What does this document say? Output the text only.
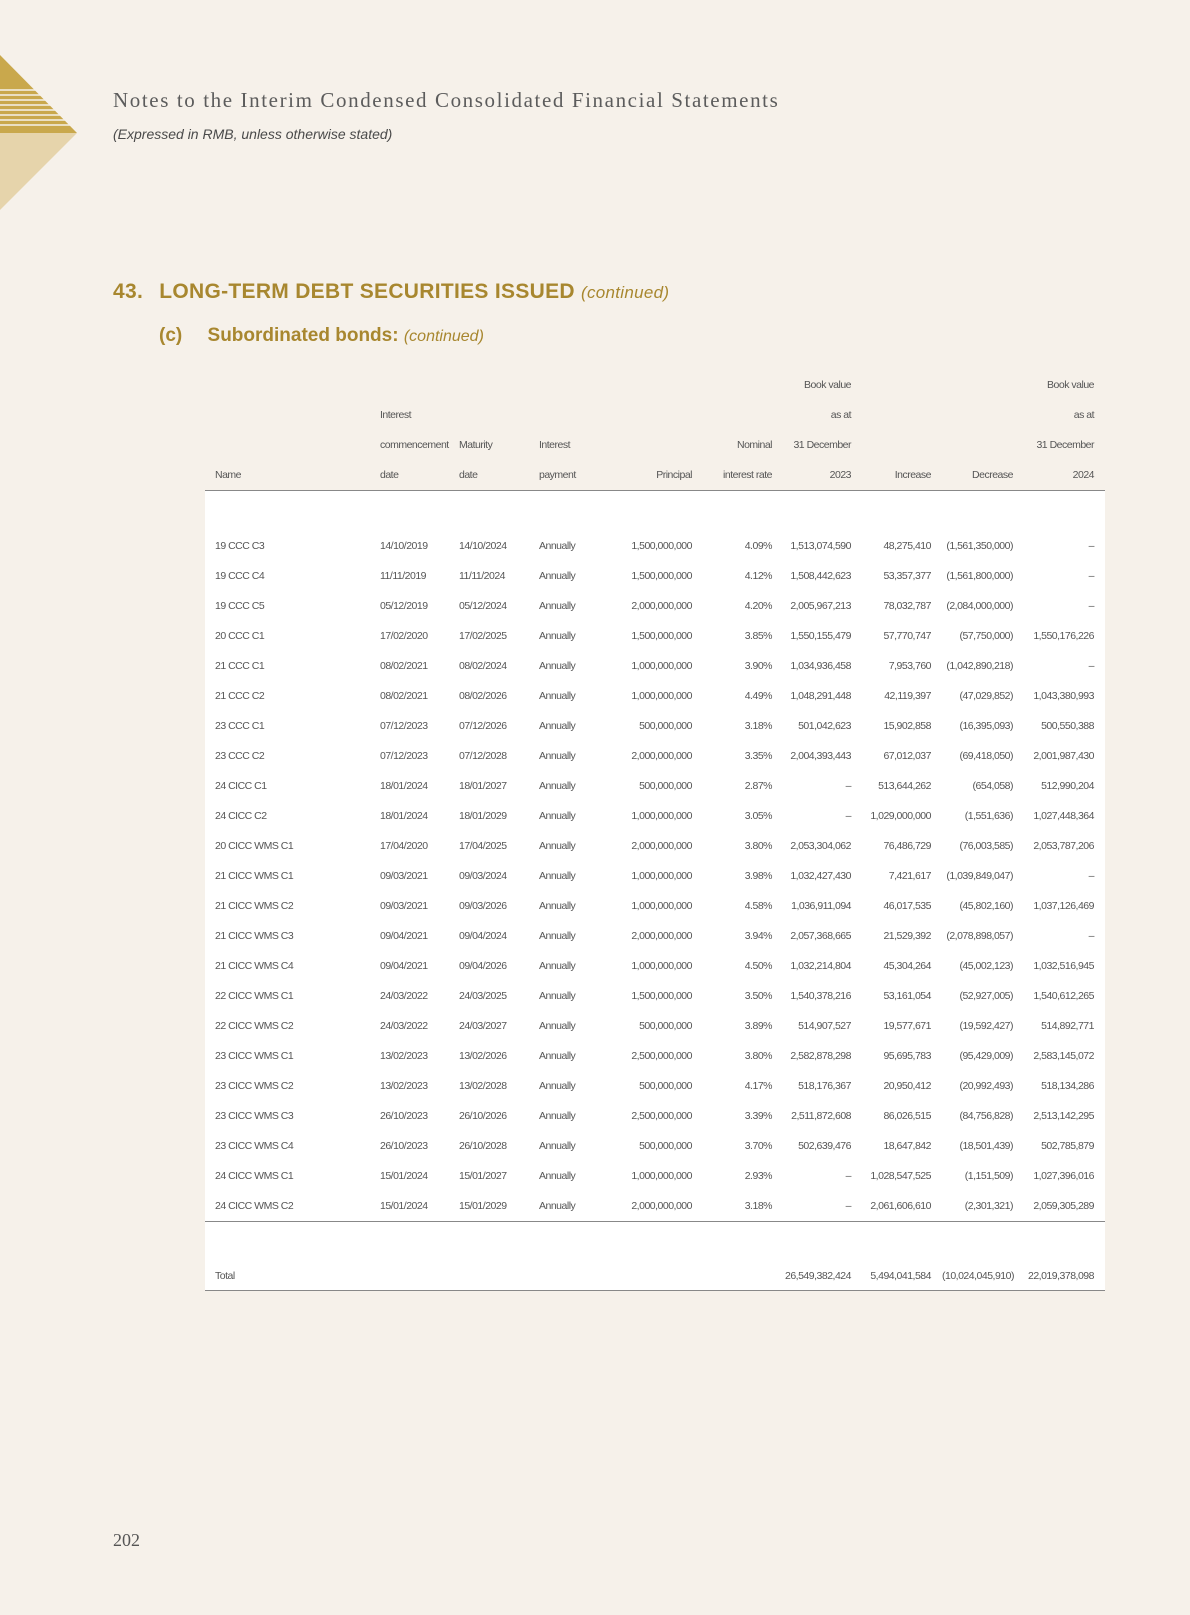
Notes to the Interim Condensed Consolidated Financial Statements
(Expressed in RMB, unless otherwise stated)
43. LONG-TERM DEBT SECURITIES ISSUED (continued)
(c) Subordinated bonds: (continued)
						Book value			Book value
	Interest					as at			as at
	commencement	Maturity	Interest		Nominal	31 December			31 December
Name	date	date	payment	Principal	interest rate	2023	Increase	Decrease	2024

19 CCC C3	14/10/2019	14/10/2024	Annually	1,500,000,000	4.09%	1,513,074,590	48,275,410	(1,561,350,000)	–
19 CCC C4	11/11/2019	11/11/2024	Annually	1,500,000,000	4.12%	1,508,442,623	53,357,377	(1,561,800,000)	–
19 CCC C5	05/12/2019	05/12/2024	Annually	2,000,000,000	4.20%	2,005,967,213	78,032,787	(2,084,000,000)	–
20 CCC C1	17/02/2020	17/02/2025	Annually	1,500,000,000	3.85%	1,550,155,479	57,770,747	(57,750,000)	1,550,176,226
21 CCC C1	08/02/2021	08/02/2024	Annually	1,000,000,000	3.90%	1,034,936,458	7,953,760	(1,042,890,218)	–
21 CCC C2	08/02/2021	08/02/2026	Annually	1,000,000,000	4.49%	1,048,291,448	42,119,397	(47,029,852)	1,043,380,993
23 CCC C1	07/12/2023	07/12/2026	Annually	500,000,000	3.18%	501,042,623	15,902,858	(16,395,093)	500,550,388
23 CCC C2	07/12/2023	07/12/2028	Annually	2,000,000,000	3.35%	2,004,393,443	67,012,037	(69,418,050)	2,001,987,430
24 CICC C1	18/01/2024	18/01/2027	Annually	500,000,000	2.87%	–	513,644,262	(654,058)	512,990,204
24 CICC C2	18/01/2024	18/01/2029	Annually	1,000,000,000	3.05%	–	1,029,000,000	(1,551,636)	1,027,448,364
20 CICC WMS C1	17/04/2020	17/04/2025	Annually	2,000,000,000	3.80%	2,053,304,062	76,486,729	(76,003,585)	2,053,787,206
21 CICC WMS C1	09/03/2021	09/03/2024	Annually	1,000,000,000	3.98%	1,032,427,430	7,421,617	(1,039,849,047)	–
21 CICC WMS C2	09/03/2021	09/03/2026	Annually	1,000,000,000	4.58%	1,036,911,094	46,017,535	(45,802,160)	1,037,126,469
21 CICC WMS C3	09/04/2021	09/04/2024	Annually	2,000,000,000	3.94%	2,057,368,665	21,529,392	(2,078,898,057)	–
21 CICC WMS C4	09/04/2021	09/04/2026	Annually	1,000,000,000	4.50%	1,032,214,804	45,304,264	(45,002,123)	1,032,516,945
22 CICC WMS C1	24/03/2022	24/03/2025	Annually	1,500,000,000	3.50%	1,540,378,216	53,161,054	(52,927,005)	1,540,612,265
22 CICC WMS C2	24/03/2022	24/03/2027	Annually	500,000,000	3.89%	514,907,527	19,577,671	(19,592,427)	514,892,771
23 CICC WMS C1	13/02/2023	13/02/2026	Annually	2,500,000,000	3.80%	2,582,878,298	95,695,783	(95,429,009)	2,583,145,072
23 CICC WMS C2	13/02/2023	13/02/2028	Annually	500,000,000	4.17%	518,176,367	20,950,412	(20,992,493)	518,134,286
23 CICC WMS C3	26/10/2023	26/10/2026	Annually	2,500,000,000	3.39%	2,511,872,608	86,026,515	(84,756,828)	2,513,142,295
23 CICC WMS C4	26/10/2023	26/10/2028	Annually	500,000,000	3.70%	502,639,476	18,647,842	(18,501,439)	502,785,879
24 CICC WMS C1	15/01/2024	15/01/2027	Annually	1,000,000,000	2.93%	–	1,028,547,525	(1,151,509)	1,027,396,016
24 CICC WMS C2	15/01/2024	15/01/2029	Annually	2,000,000,000	3.18%	–	2,061,606,610	(2,301,321)	2,059,305,289

Total						26,549,382,424	5,494,041,584	(10,024,045,910)	22,019,378,098
202
